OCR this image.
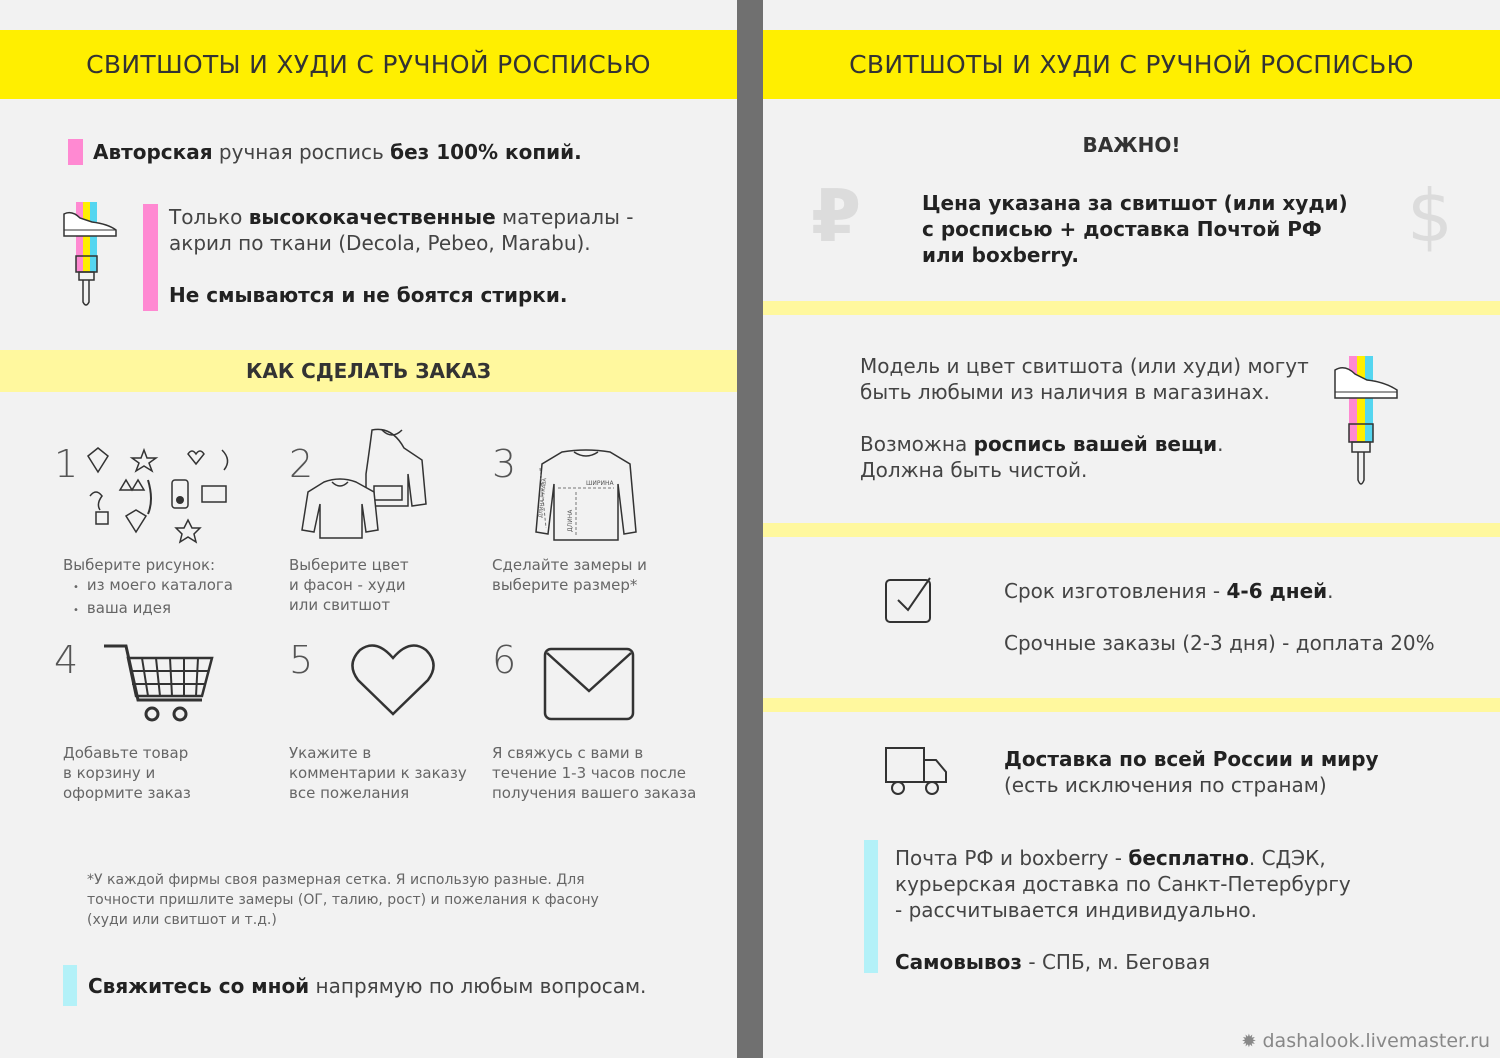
СВИТШОТЫ И ХУДИ С РУЧНОЙ РОСПИСЬЮ
Авторская ручная роспись без 100% копий.
Только высококачественные материалы -
акрил по ткани (Decola, Pebeo, Marabu).
Не смываются и не боятся стирки.
КАК СДЕЛАТЬ ЗАКАЗ
1
Выберите рисунок:
• из моего каталога
• ваша идея
2
Выберите цвет
и фасон - худи
или свитшот
3	ШИРИНА
ДЛИНА
ДЛИНА РУКАВА
Сделайте замеры и
выберите размер*
4
Добавьте товар
в корзину и
оформите заказ
5
Укажите в
комментарии к заказу
все пожелания
6
Я свяжусь с вами в
течение 1-3 часов после
получения вашего заказа
*У каждой фирмы своя размерная сетка. Я использую разные. Для
точности пришлите замеры (ОГ, талию, рост) и пожелания к фасону
(худи или свитшот и т.д.)
Свяжитесь со мной напрямую по любым вопросам.
СВИТШОТЫ И ХУДИ С РУЧНОЙ РОСПИСЬЮ
ВАЖНО!
₽	$
Цена указана за свитшот (или худи)
с росписью + доставка Почтой РФ
или boxberry.
Модель и цвет свитшота (или худи) могут
быть любыми из наличия в магазинах.
Возможна роспись вашей вещи.
Должна быть чистой.
Срок изготовления - 4-6 дней.
Срочные заказы (2-3 дня) - доплата 20%
Доставка по всей России и миру
(есть исключения по странам)
Почта РФ и boxberry - бесплатно. СДЭК,
курьерская доставка по Санкт-Петербургу
- рассчитывается индивидуально.
Самовывоз - СПБ, м. Беговая
✹ dashalook.livemaster.ru
